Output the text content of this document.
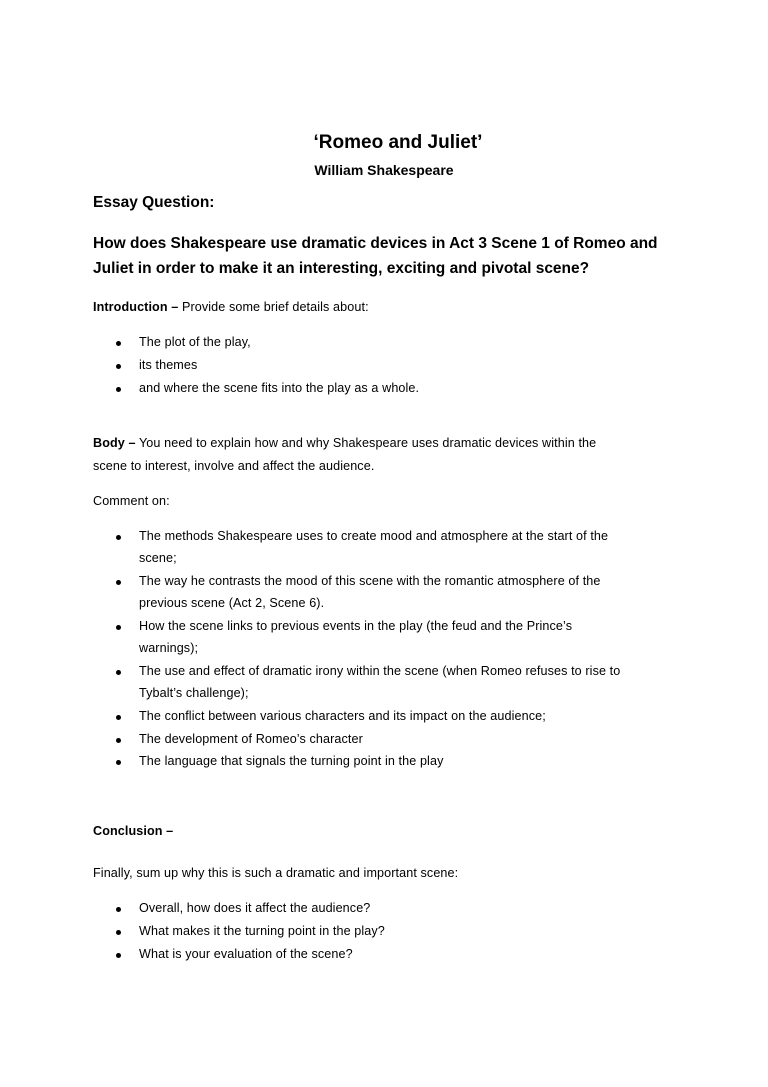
‘Romeo and Juliet’
William Shakespeare
Essay Question:
How does Shakespeare use dramatic devices in Act 3 Scene 1 of Romeo and
Juliet in order to make it an interesting, exciting and pivotal scene?
Introduction – Provide some brief details about:
The plot of the play,
its themes
and where the scene fits into the play as a whole.
Body – You need to explain how and why Shakespeare uses dramatic devices within the
scene to interest, involve and affect the audience.
Comment on:
The methods Shakespeare uses to create mood and atmosphere at the start of the
scene;
The way he contrasts the mood of this scene with the romantic atmosphere of the
previous scene (Act 2, Scene 6).
How the scene links to previous events in the play (the feud and the Prince’s
warnings);
The use and effect of dramatic irony within the scene (when Romeo refuses to rise to
Tybalt’s challenge);
The conflict between various characters and its impact on the audience;
The development of Romeo’s character
The language that signals the turning point in the play
Conclusion –
Finally, sum up why this is such a dramatic and important scene:
Overall, how does it affect the audience?
What makes it the turning point in the play?
What is your evaluation of the scene?
